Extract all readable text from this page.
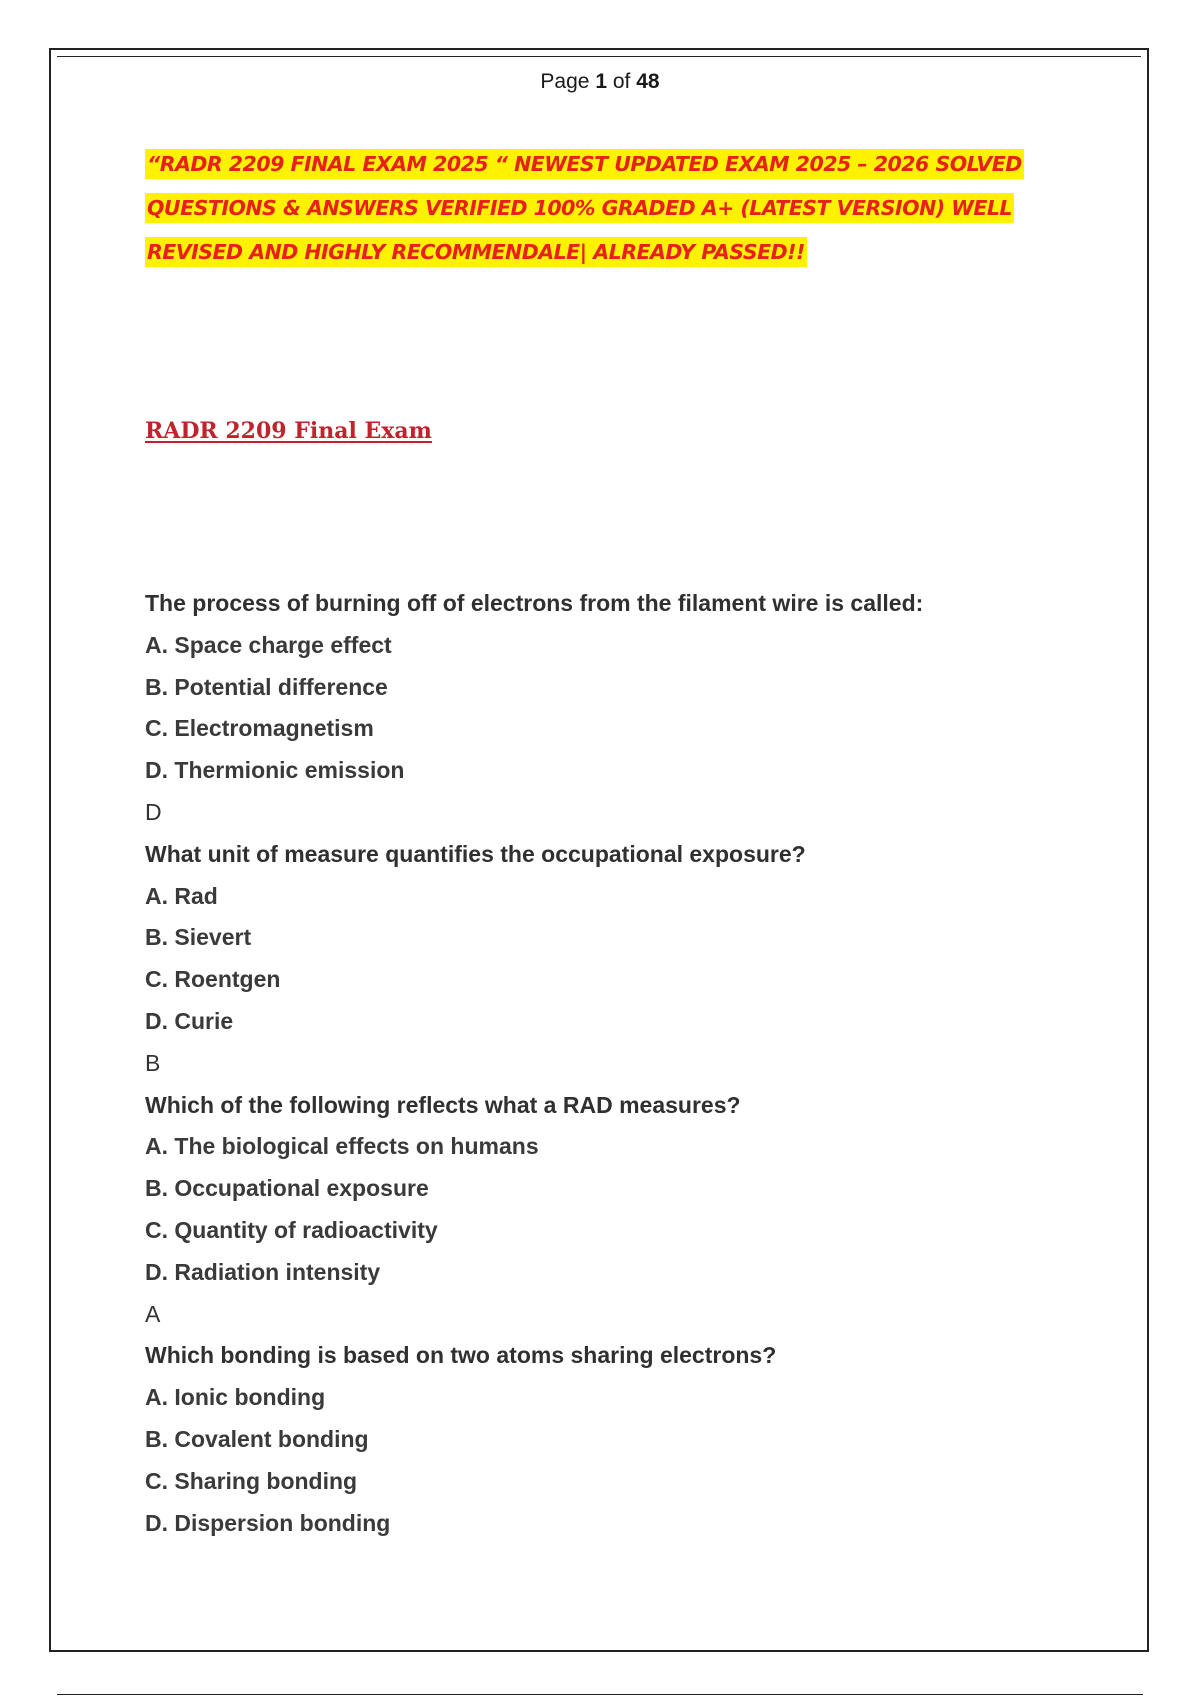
Page 1 of 48
“RADR 2209 FINAL EXAM 2025 “ NEWEST UPDATED EXAM 2025 – 2026 SOLVED
QUESTIONS & ANSWERS VERIFIED 100% GRADED A+ (LATEST VERSION) WELL
REVISED AND HIGHLY RECOMMENDALE| ALREADY PASSED!!
RADR 2209 Final Exam
The process of burning off of electrons from the filament wire is called:
A. Space charge effect
B. Potential difference
C. Electromagnetism
D. Thermionic emission
D
What unit of measure quantifies the occupational exposure?
A. Rad
B. Sievert
C. Roentgen
D. Curie
B
Which of the following reflects what a RAD measures?
A. The biological effects on humans
B. Occupational exposure
C. Quantity of radioactivity
D. Radiation intensity
A
Which bonding is based on two atoms sharing electrons?
A. Ionic bonding
B. Covalent bonding
C. Sharing bonding
D. Dispersion bonding
